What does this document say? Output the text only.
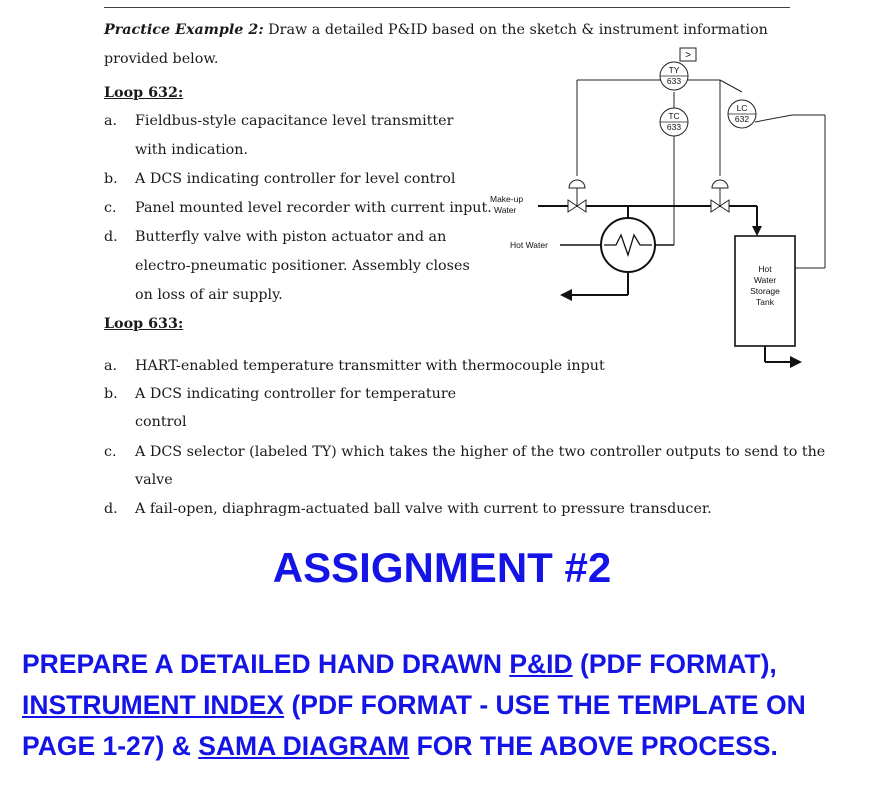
Practice Example 2: Draw a detailed P&ID based on the sketch & instrument information
provided below.
Loop 632:
a. Fieldbus-style capacitance level transmitter
with indication.
b. A DCS indicating controller for level control
c. Panel mounted level recorder with current input.
d. Butterfly valve with piston actuator and an
electro-pneumatic positioner. Assembly closes
on loss of air supply.
Loop 633:
a. HART-enabled temperature transmitter with thermocouple input
b. A DCS indicating controller for temperature
control
c. A DCS selector (labeled TY) which takes the higher of the two controller outputs to send to the
valve
d. A fail-open, diaphragm-actuated ball valve with current to pressure transducer.
>
TY
633
TC
633
LC
632
Make-up
Water
Hot Water
Hot
Water
Storage
Tank
ASSIGNMENT #2
PREPARE A DETAILED HAND DRAWN P&ID (PDF FORMAT), INSTRUMENT INDEX (PDF FORMAT - USE THE TEMPLATE ON PAGE 1-27) & SAMA DIAGRAM FOR THE ABOVE PROCESS.
